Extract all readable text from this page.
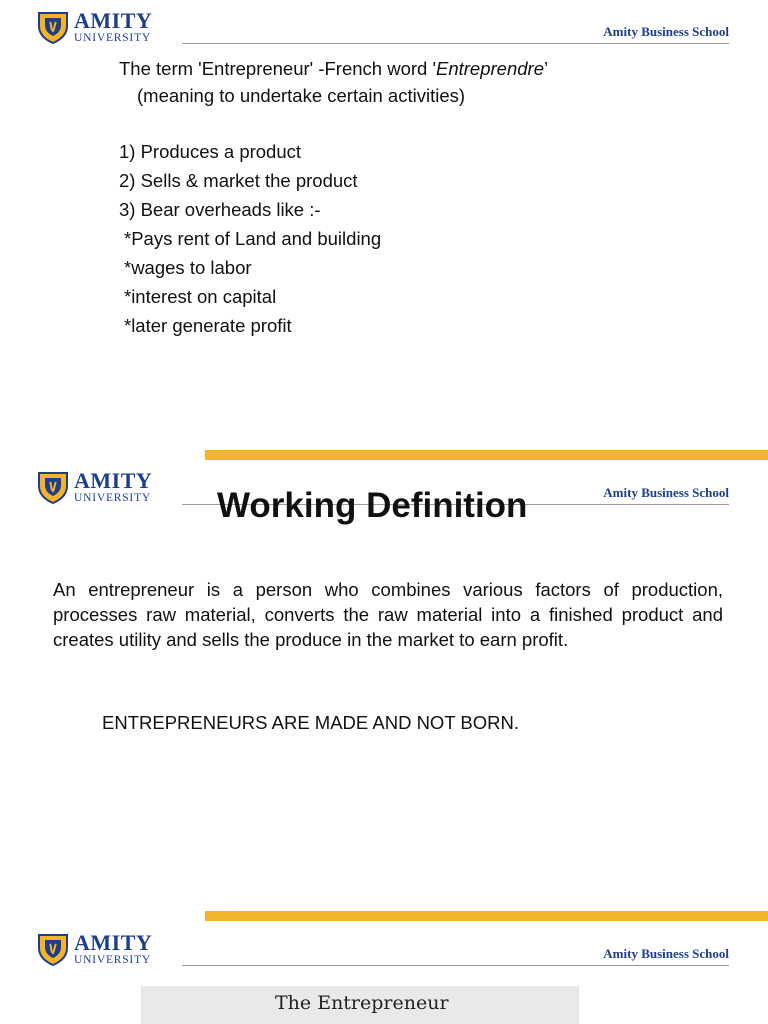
AMITY
UNIVERSITY	Amity Business School
The term 'Entrepreneur' -French word 'Entreprendre’
(meaning to undertake certain activities)
1) Produces a product
2) Sells & market the product
3) Bear overheads like :-
*Pays rent of Land and building
*wages to labor
*interest on capital
*later generate profit
AMITY
UNIVERSITY	Amity Business School
Working Definition
An entrepreneur is a person who combines various factors of production, processes raw material, converts the raw material into a finished product and creates utility and sells the produce in the market to earn profit.
ENTREPRENEURS ARE MADE AND NOT BORN.
AMITY
UNIVERSITY	Amity Business School
The Entrepreneur
